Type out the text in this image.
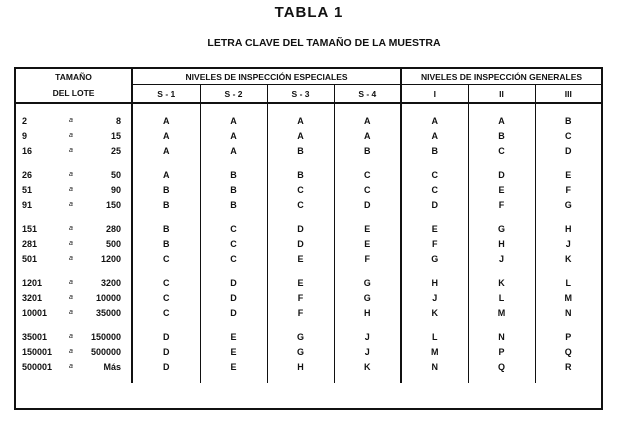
TABLA 1
LETRA CLAVE DEL TAMAÑO DE LA MUESTRA
TAMAÑO			NIVELES DE INSPECCIÓN ESPECIALES				NIVELES DE INSPECCIÓN GENERALES		
DEL LOTE			S - 1	S - 2	S - 3	S - 4	I	II	III

2	a	8	A	A	A	A	A	A	B
9	a	15	A	A	A	A	A	B	C
16	a	25	A	A	B	B	B	C	D

26	a	50	A	B	B	C	C	D	E
51	a	90	B	B	C	C	C	E	F
91	a	150	B	B	C	D	D	F	G

151	a	280	B	C	D	E	E	G	H
281	a	500	B	C	D	E	F	H	J
501	a	1200	C	C	E	F	G	J	K

1201	a	3200	C	D	E	G	H	K	L
3201	a	10000	C	D	F	G	J	L	M
10001	a	35000	C	D	F	H	K	M	N

35001	a	150000	D	E	G	J	L	N	P
150001	a	500000	D	E	G	J	M	P	Q
500001	a	Más	D	E	H	K	N	Q	R
